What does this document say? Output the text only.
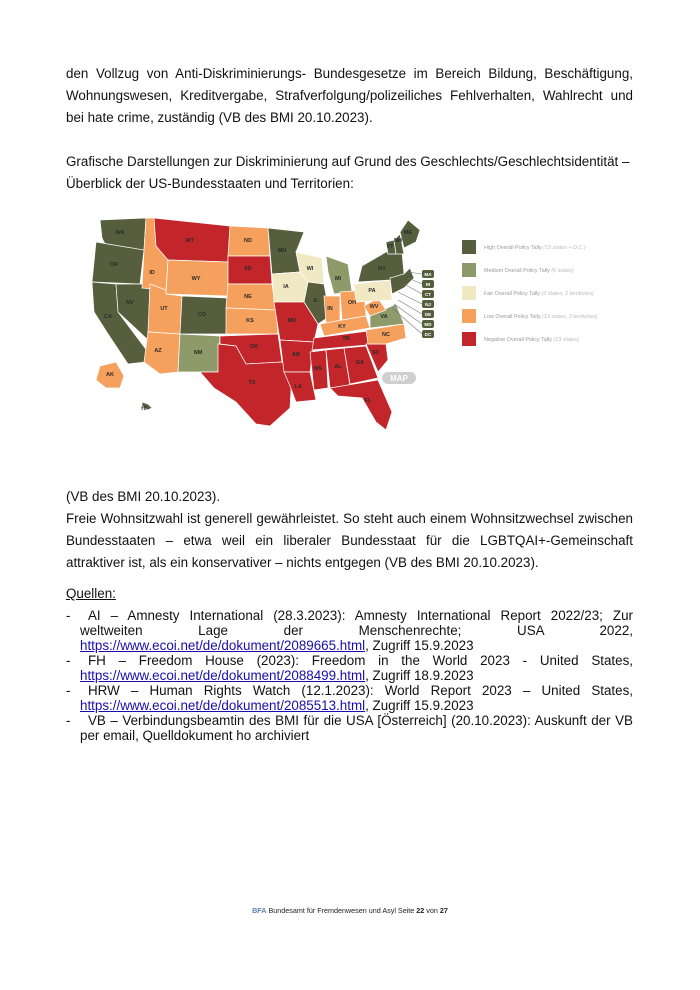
den Vollzug von Anti-Diskriminierungs- Bundesgesetze im Bereich Bildung, Beschäftigung, Wohnungswesen, Kreditvergabe, Strafverfolgung/polizeiliches Fehlverhalten, Wahlrecht und bei hate crime, zuständig (VB des BMI 20.10.2023).
Grafische Darstellungen zur Diskriminierung auf Grund des Geschlechts/Geschlechtsidentität – Überblick der US-Bundesstaaten und Territorien:
WA
OR
CA
NV
ID
MT
WY
UT
AZ
CO
NM
ND
SD
NE
KS
OK
TX
MN
IA
MO
AR
LA
WI
IL
MI
IN
OH
KY
TN
MS AL
GA
FL
SC
NC
VA
WV
PA
NY
VT
NH
ME
AK
HI
MA
RI
CT
NJ
DE
MD
DC
MAP
High Overall Policy Tally (15 states + D.C.)
Medium Overall Policy Tally (6 states)
Fair Overall Policy Tally (3 states, 2 territories)
Low Overall Policy Tally (13 states, 3 territories)
Negative Overall Policy Tally (13 states)
(VB des BMI 20.10.2023).
Freie Wohnsitzwahl ist generell gewährleistet. So steht auch einem Wohnsitzwechsel zwischen Bundesstaaten – etwa weil ein liberaler Bundesstaat für die LGBTQAI+-Gemeinschaft attraktiver ist, als ein konservativer – nichts entgegen (VB des BMI 20.10.2023).
Quellen:
-	AI – Amnesty International (28.3.2023): Amnesty International Report 2022/23; Zur weltweiten Lage der Menschenrechte; USA 2022, https://www.ecoi.net/de/dokument/2089665.html, Zugriff 15.9.2023
-	FH – Freedom House (2023): Freedom in the World 2023 - United States, https://www.ecoi.net/de/dokument/2088499.html, Zugriff 18.9.2023
-	HRW – Human Rights Watch (12.1.2023): World Report 2023 – United States, https://www.ecoi.net/de/dokument/2085513.html, Zugriff 15.9.2023
-	VB – Verbindungsbeamtin des BMI für die USA [Österreich] (20.10.2023): Auskunft der VB per email, Quelldokument ho archiviert
BFA Bundesamt für Fremdenwesen und Asyl Seite 22 von 27
